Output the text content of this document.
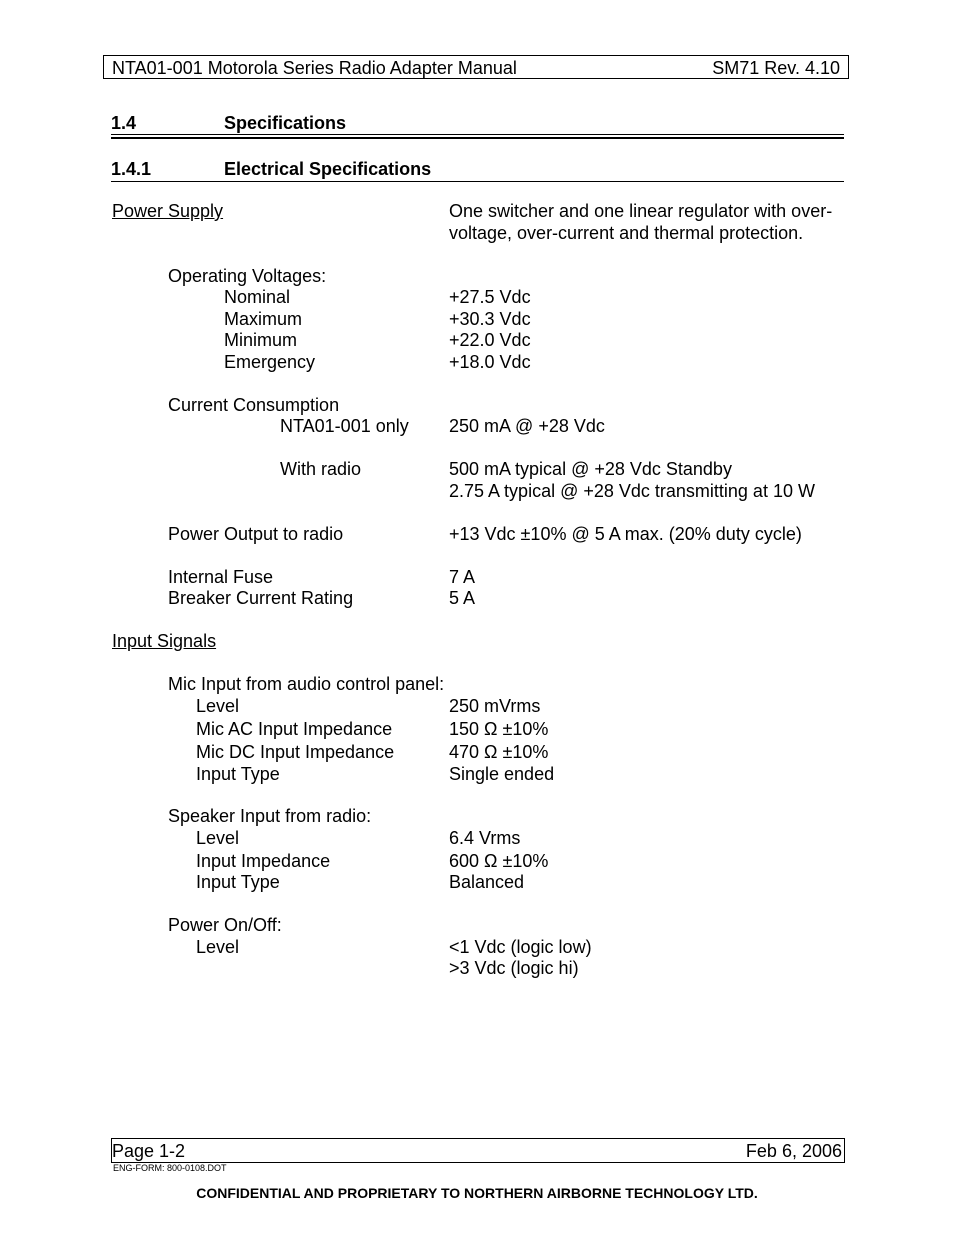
NTA01-001 Motorola Series Radio Adapter Manual	SM71 Rev. 4.10
1.4	Specifications
1.4.1	Electrical Specifications
Power Supply	One switcher and one linear regulator with over-
voltage, over-current and thermal protection.
Operating Voltages:
Nominal	+27.5 Vdc
Maximum	+30.3 Vdc
Minimum	+22.0 Vdc
Emergency	+18.0 Vdc
Current Consumption
NTA01-001 only 250 mA @ +28 Vdc
With radio	500 mA typical @ +28 Vdc Standby
2.75 A typical @ +28 Vdc transmitting at 10 W
Power Output to radio	+13 Vdc ±10% @ 5 A max. (20% duty cycle)
Internal Fuse	7 A
Breaker Current Rating	5 A
Input Signals
Mic Input from audio control panel:
Level	250 mVrms
Mic AC Input Impedance	150 Ω ±10%
Mic DC Input Impedance	470 Ω ±10%
Input Type	Single ended
Speaker Input from radio:
Level	6.4 Vrms
Input Impedance	600 Ω ±10%
Input Type	Balanced
Power On/Off:
Level	<1 Vdc (logic low)
>3 Vdc (logic hi)
Page 1-2	Feb 6, 2006
ENG-FORM: 800-0108.DOT
CONFIDENTIAL AND PROPRIETARY TO NORTHERN AIRBORNE TECHNOLOGY LTD.
